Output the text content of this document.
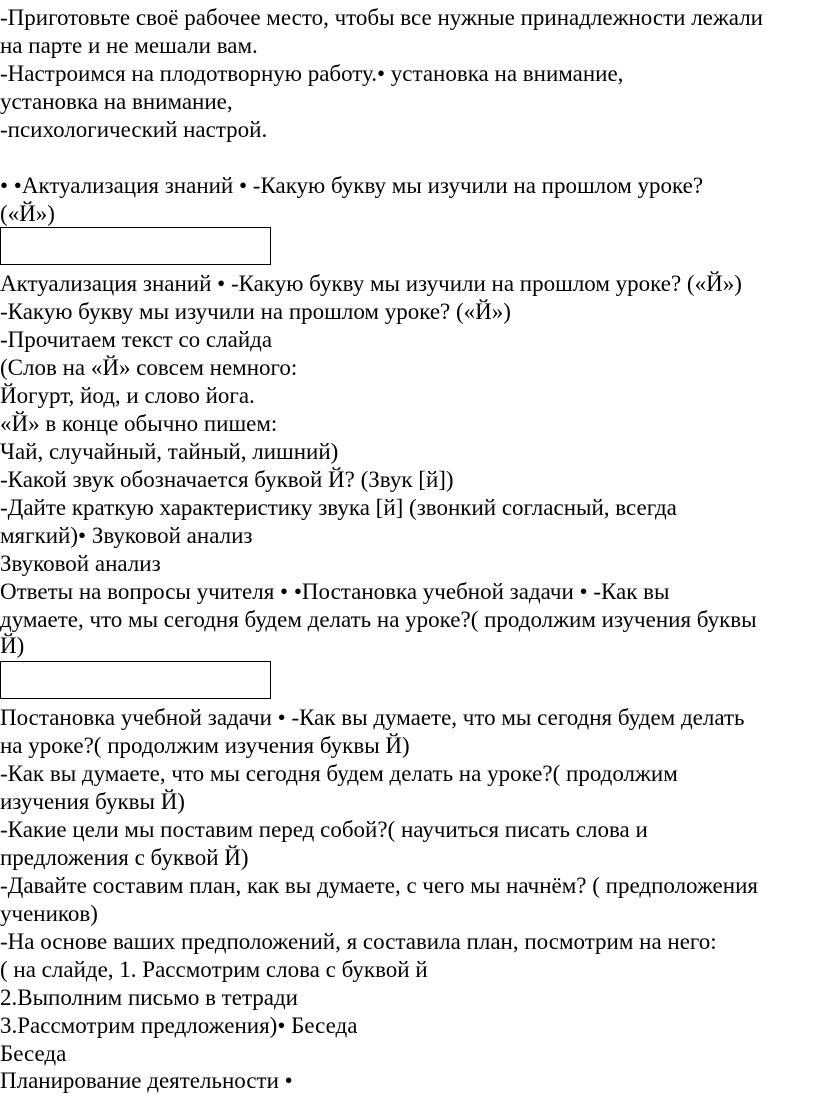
-Приготовьте своё рабочее место, чтобы все нужные принадлежности лежали
на парте и не мешали вам.
-Настроимся на плодотворную работу.• установка на внимание,
установка на внимание,
-психологический настрой.
• •Актуализация знаний • -Какую букву мы изучили на прошлом уроке?
(«Й»)
Актуализация знаний • -Какую букву мы изучили на прошлом уроке? («Й»)
-Какую букву мы изучили на прошлом уроке? («Й»)
-Прочитаем текст со слайда
(Слов на «Й» совсем немного:
Йогурт, йод, и слово йога.
«Й» в конце обычно пишем:
Чай, случайный, тайный, лишний)
-Какой звук обозначается буквой Й? (Звук [й])
-Дайте краткую характеристику звука [й] (звонкий согласный, всегда
мягкий)• Звуковой анализ
Звуковой анализ
Ответы на вопросы учителя • •Постановка учебной задачи • -Как вы
думаете, что мы сегодня будем делать на уроке?( продолжим изучения буквы
Й)
Постановка учебной задачи • -Как вы думаете, что мы сегодня будем делать
на уроке?( продолжим изучения буквы Й)
-Как вы думаете, что мы сегодня будем делать на уроке?( продолжим
изучения буквы Й)
-Какие цели мы поставим перед собой?( научиться писать слова и
предложения с буквой Й)
-Давайте составим план, как вы думаете, с чего мы начнём? ( предположения
учеников)
-На основе ваших предположений, я составила план, посмотрим на него:
( на слайде, 1. Рассмотрим слова с буквой й
2.Выполним письмо в тетради
3.Рассмотрим предложения)• Беседа
Беседа
Планирование деятельности •
